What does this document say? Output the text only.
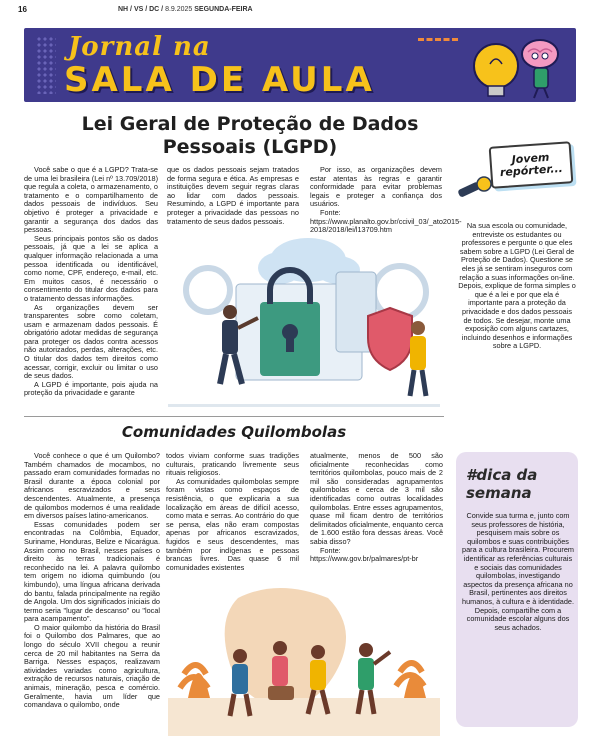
16	NH / VS / DC / 8.9.2025 SEGUNDA-FEIRA
Jornal na
SALA DE AULA
Lei Geral de Proteção de Dados Pessoais (LGPD)

Você sabe o que é a LGPD? Trata-se de uma lei brasileira (Lei nº 13.709/2018) que regula a coleta, o armazenamento, o tratamento e o compartilhamento de dados pessoais de indivíduos. Seu objetivo é proteger a privacidade e garantir a segurança dos dados das pessoas.

Seus principais pontos são os dados pessoais, já que a lei se aplica a qualquer informação relacionada a uma pessoa identificada ou identificável, como nome, CPF, endereço, e-mail, etc. Em muitos casos, é necessário o consentimento do titular dos dados para o tratamento dessas informações.

As organizações devem ser transparentes sobre como coletam, usam e armazenam dados pessoais. É obrigatório adotar medidas de segurança para proteger os dados contra acessos não autorizados, perdas, alterações, etc. O titular dos dados tem direitos como acessar, corrigir, excluir ou limitar o uso de seus dados.

A LGPD é importante, pois ajuda na proteção da privacidade e garante

que os dados pessoais sejam tratados de forma segura e ética. As empresas e instituições devem seguir regras claras ao lidar com dados pessoais. Resumindo, a LGPD é importante para proteger a privacidade das pessoas no tratamento de seus dados pessoais.

Por isso, as organizações devem estar atentas às regras e garantir conformidade para evitar problemas legais e proteger a confiança dos usuários.

Fonte: https://www.planalto.gov.br/ccivil_03/_ato2015-2018/2018/lei/l13709.htm

Jovem repórter...

Na sua escola ou comunidade, entreviste os estudantes ou professores e pergunte o que eles sabem sobre a LGPD (Lei Geral de Proteção de Dados). Questione se eles já se sentiram inseguros com relação a suas informações on-line.

Depois, explique de forma simples o que é a lei e por que ela é importante para a proteção da privacidade e dos dados pessoais de todos. Se desejar, monte uma exposição com alguns cartazes, incluindo desenhos e informações sobre a LGPD.

Comunidades Quilombolas

Você conhece o que é um Quilombo? Também chamados de mocambos, no passado eram comunidades formadas no Brasil durante a época colonial por africanos escravizados e seus descendentes. Atualmente, a presença de quilombos modernos é uma realidade em diversos países latino-americanos.

Essas comunidades podem ser encontradas na Colômbia, Equador, Suriname, Honduras, Belize e Nicarágua. Assim como no Brasil, nesses países o direito às terras tradicionais é reconhecido na lei. A palavra quilombo tem origem no idioma quimbundo (ou kimbundo), uma língua africana derivada do bantu, falada principalmente na região de Angola. Um dos significados iniciais do termo seria "lugar de descanso" ou "local para acampamento".

O maior quilombo da história do Brasil foi o Quilombo dos Palmares, que ao longo do século XVII chegou a reunir cerca de 20 mil habitantes na Serra da Barriga. Nesses espaços, realizavam atividades variadas como agricultura, extração de recursos naturais, criação de animais, mineração, pesca e comércio. Geralmente, havia um líder que comandava o quilombo, onde

todos viviam conforme suas tradições culturais, praticando livremente seus rituais religiosos.

As comunidades quilombolas sempre foram vistas como espaços de resistência, o que explicaria a sua localização em áreas de difícil acesso, como mata e serras. Ao contrário do que se pensa, elas não eram compostas apenas por africanos escravizados, fugidos e seus descendentes, mas também por indígenas e pessoas brancas livres. Das quase 6 mil comunidades existentes

atualmente, menos de 500 são oficialmente reconhecidas como territórios quilombolas, pouco mais de 2 mil são consideradas agrupamentos quilombolas e cerca de 3 mil são identificadas como outras localidades quilombolas. Entre esses agrupamentos, quase mil ficam dentro de territórios delimitados oficialmente, enquanto cerca de 1.600 estão fora dessas áreas. Você sabia disso?

Fonte: https://www.gov.br/palmares/pt-br

#dica da semana

Convide sua turma e, junto com seus professores de história, pesquisem mais sobre os quilombos e suas contribuições para a cultura brasileira. Procurem identificar as referências culturais e sociais das comunidades quilombolas, investigando aspectos da presença africana no Brasil, pertinentes aos direitos humanos, à cultura e à identidade. Depois, compartilhe com a comunidade escolar alguns dos seus achados.
